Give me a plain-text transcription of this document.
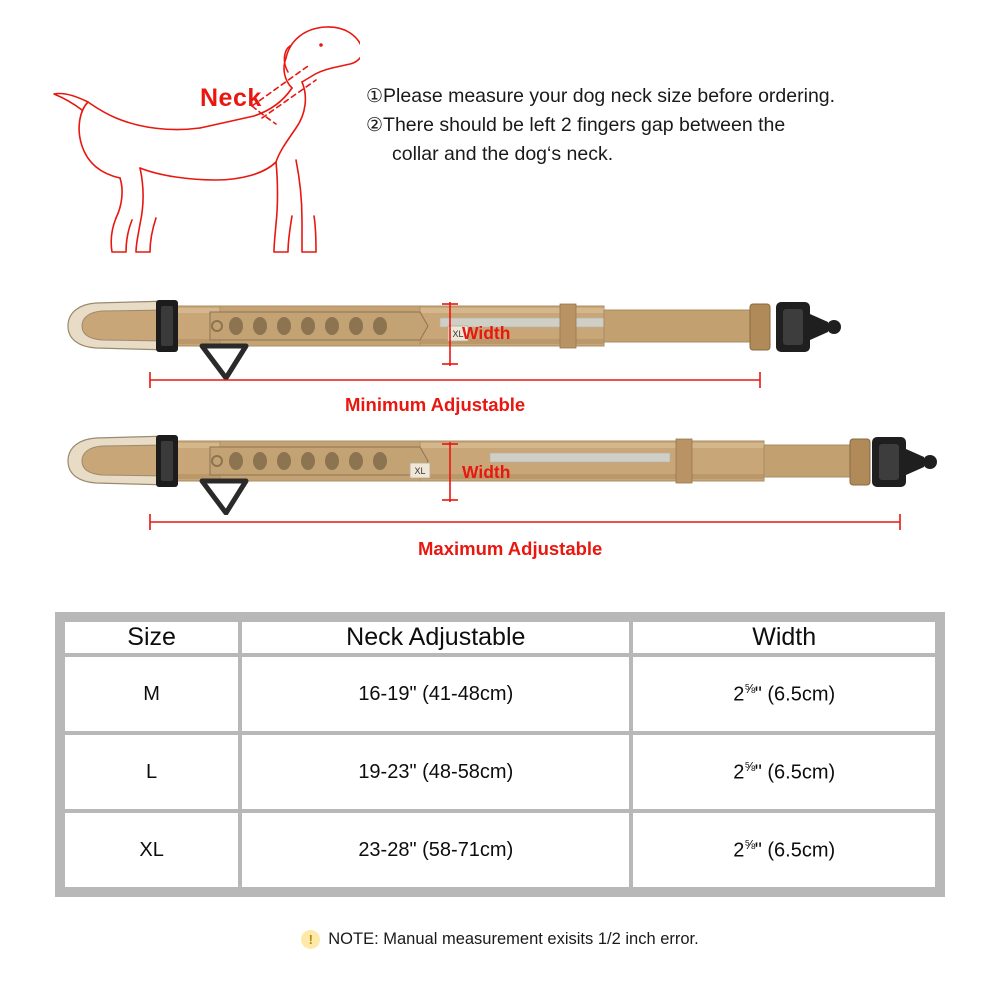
Neck	①Please measure your dog neck size before ordering.
②There should be left 2 fingers gap between the
collar and the dog‘s neck.
XL
XL
Width
Width
Minimum Adjustable
Maximum Adjustable
Size	Neck Adjustable	Width
M	16-19" (41-48cm)	$2^{\frac{5}{8}}$" (6.5cm)
L	19-23" (48-58cm)	$2^{\frac{5}{8}}$" (6.5cm)
XL	23-28" (58-71cm)	$2^{\frac{5}{8}}$" (6.5cm)
! NOTE: Manual measurement exisits 1/2 inch error.
